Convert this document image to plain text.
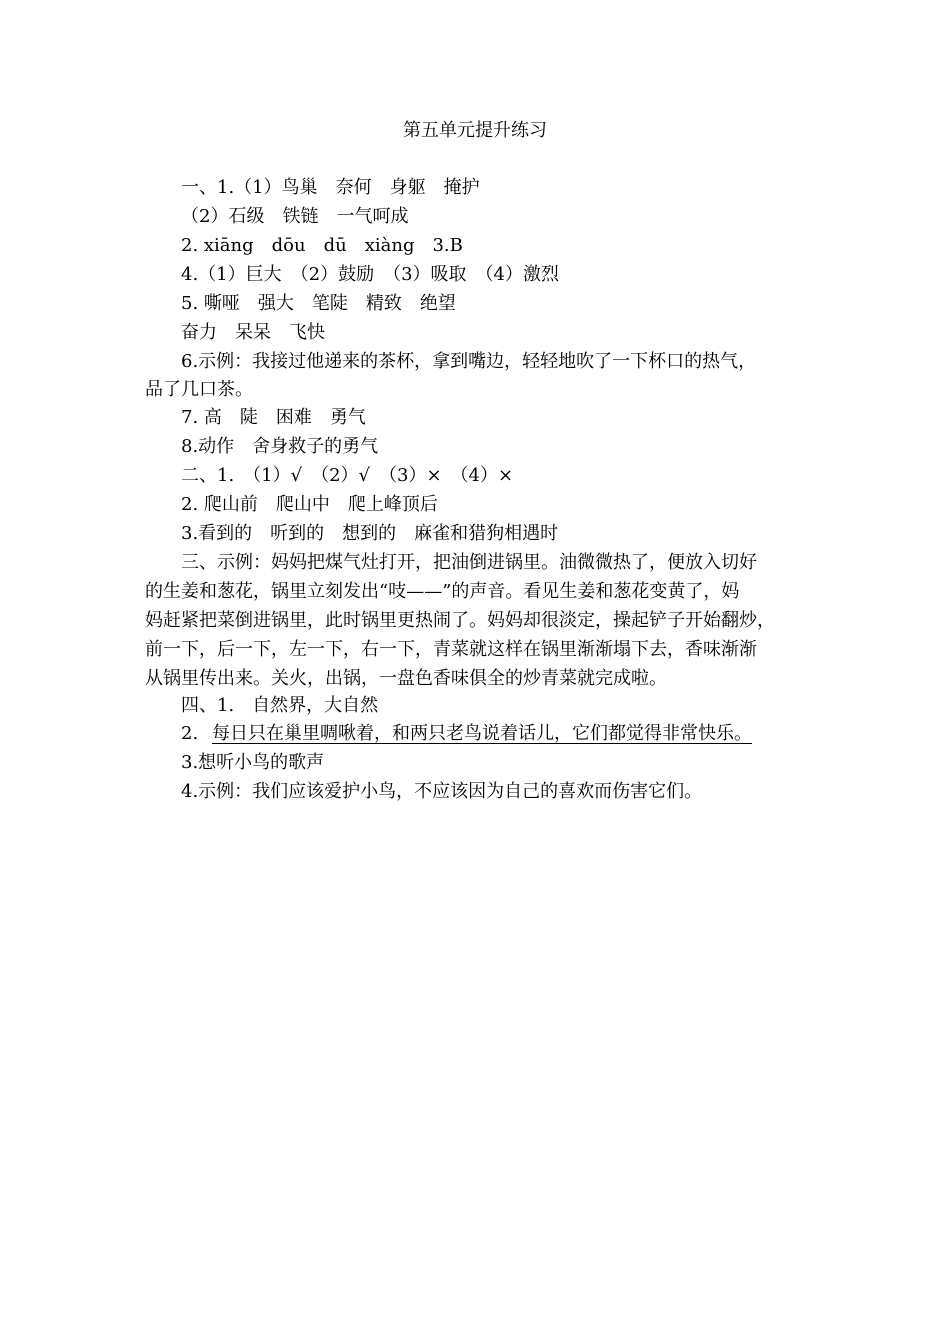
第五单元提升练习
一、1.（1）鸟巢　奈何　身躯　掩护
（2）石级　铁链　一气呵成
2. xiāng　dōu　dū　xiàng　3.B
4.（1）巨大　（2）鼓励　（3）吸取　（4）激烈
5. 嘶哑　强大　笔陡　精致　绝望
奋力　呆呆　飞快
6.示例：我接过他递来的茶杯，拿到嘴边，轻轻地吹了一下杯口的热气，
品了几口茶。
7. 高　陡　困难　勇气
8.动作　舍身救子的勇气
二、1.　（1）√　（2）√　（3）×　（4）×
2. 爬山前　爬山中　爬上峰顶后
3.看到的　听到的　想到的　麻雀和猎狗相遇时
三、示例：妈妈把煤气灶打开，把油倒进锅里。油微微热了，便放入切好
的生姜和葱花，锅里立刻发出“吱——”的声音。看见生姜和葱花变黄了，妈
妈赶紧把菜倒进锅里，此时锅里更热闹了。妈妈却很淡定，操起铲子开始翻炒，
前一下，后一下，左一下，右一下，青菜就这样在锅里渐渐塌下去，香味渐渐
从锅里传出来。关火，出锅，一盘色香味俱全的炒青菜就完成啦。
四、1.　自然界，大自然
2. 每日只在巢里啁啾着，和两只老鸟说着话儿，它们都觉得非常快乐。
3.想听小鸟的歌声
4.示例：我们应该爱护小鸟，不应该因为自己的喜欢而伤害它们。
